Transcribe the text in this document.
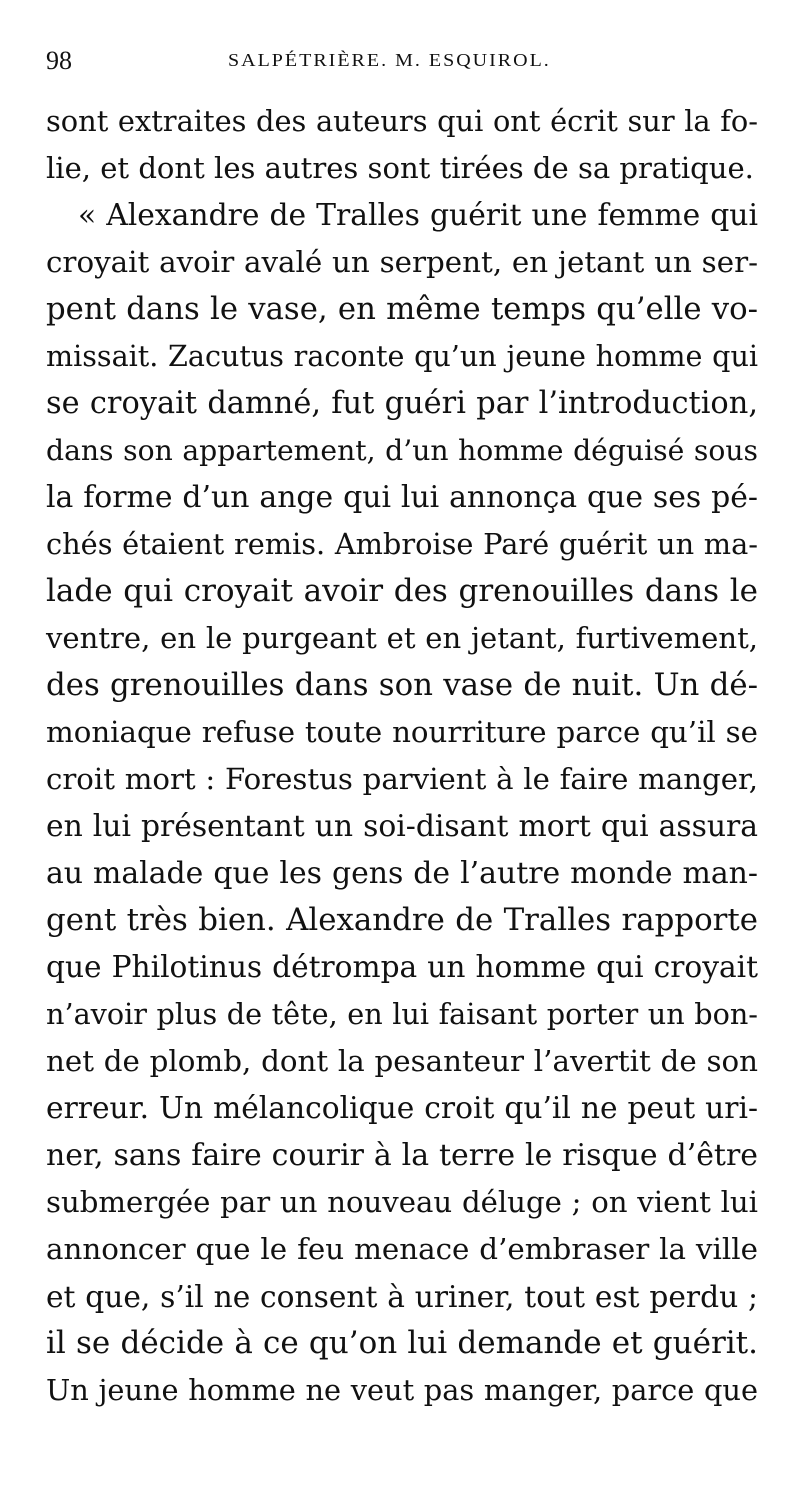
98	SALPÉTRIÈRE. M. ESQUIROL.
sont extraites des auteurs qui ont écrit sur la fo-
lie, et dont les autres sont tirées de sa pratique.
« Alexandre de Tralles guérit une femme qui
croyait avoir avalé un serpent, en jetant un ser-
pent dans le vase, en même temps qu’elle vo-
missait. Zacutus raconte qu’un jeune homme qui
se croyait damné, fut guéri par l’introduction,
dans son appartement, d’un homme déguisé sous
la forme d’un ange qui lui annonça que ses pé-
chés étaient remis. Ambroise Paré guérit un ma-
lade qui croyait avoir des grenouilles dans le
ventre, en le purgeant et en jetant, furtivement,
des grenouilles dans son vase de nuit. Un dé-
moniaque refuse toute nourriture parce qu’il se
croit mort : Forestus parvient à le faire manger,
en lui présentant un soi-disant mort qui assura
au malade que les gens de l’autre monde man-
gent très bien. Alexandre de Tralles rapporte
que Philotinus détrompa un homme qui croyait
n’avoir plus de tête, en lui faisant porter un bon-
net de plomb, dont la pesanteur l’avertit de son
erreur. Un mélancolique croit qu’il ne peut uri-
ner, sans faire courir à la terre le risque d’être
submergée par un nouveau déluge ; on vient lui
annoncer que le feu menace d’embraser la ville
et que, s’il ne consent à uriner, tout est perdu ;
il se décide à ce qu’on lui demande et guérit.
Un jeune homme ne veut pas manger, parce que
